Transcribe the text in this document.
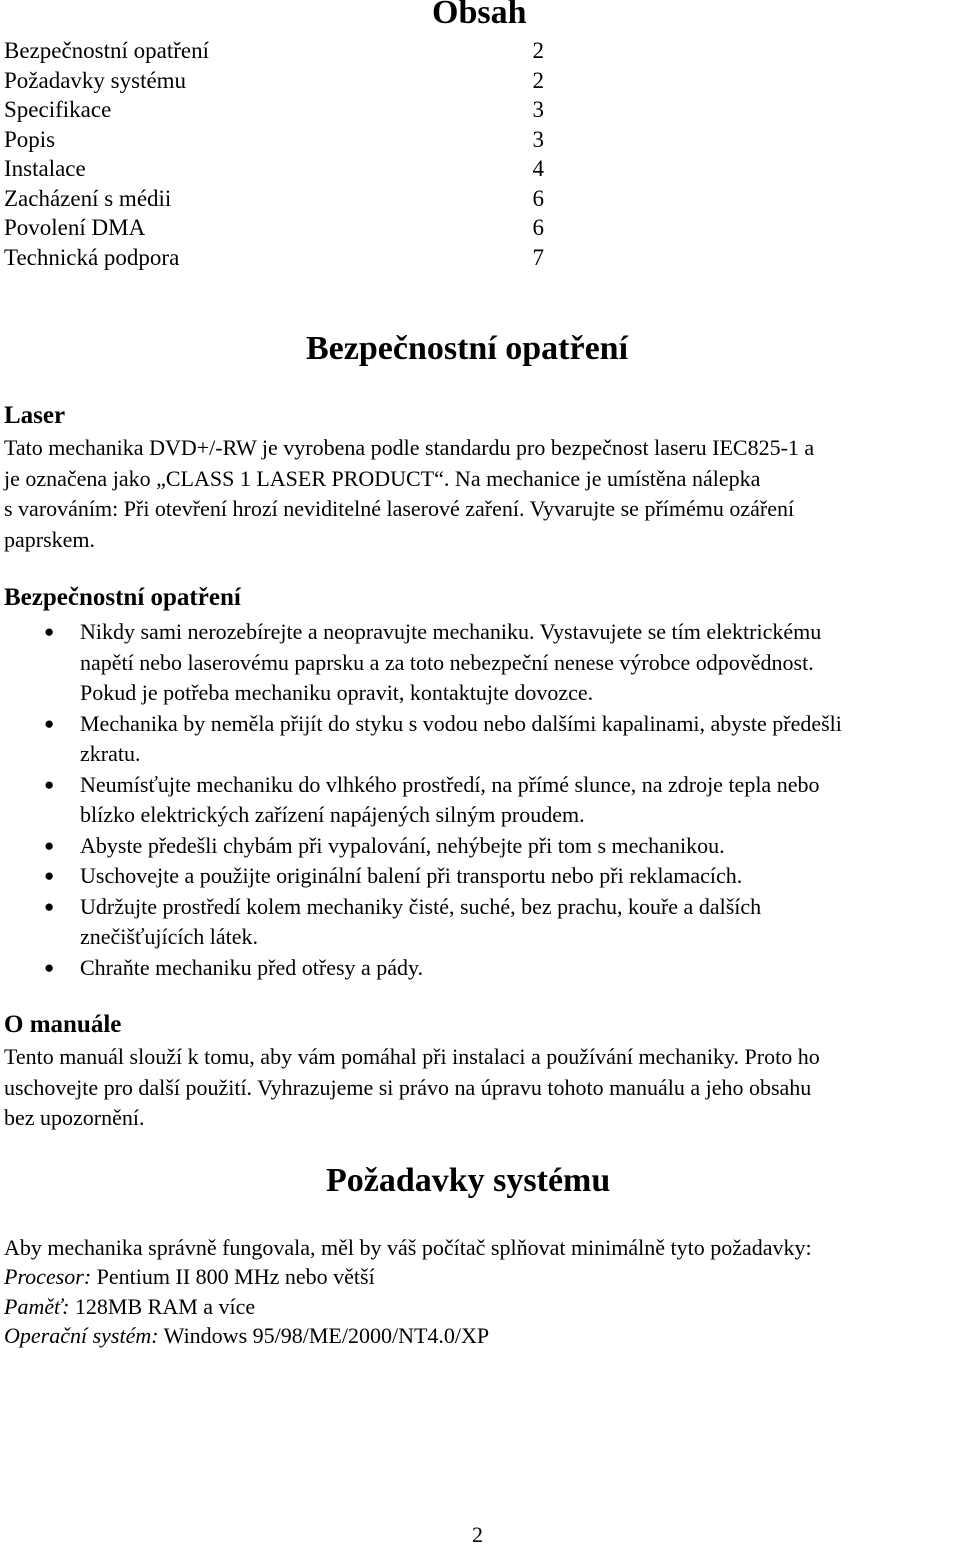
Obsah
Bezpečnostní opatření	2
Požadavky systému	2
Specifikace	3
Popis	3
Instalace	4
Zacházení s médii	6
Povolení DMA	6
Technická podpora	7
Bezpečnostní opatření
Laser
Tato mechanika DVD+/-RW je vyrobena podle standardu pro bezpečnost laseru IEC825-1 a
je označena jako „CLASS 1 LASER PRODUCT“. Na mechanice je umístěna nálepka
s varováním: Při otevření hrozí neviditelné laserové zaření. Vyvarujte se přímému ozáření
paprskem.
Bezpečnostní opatření
● Nikdy sami nerozebírejte a neopravujte mechaniku. Vystavujete se tím elektrickému
napětí nebo laserovému paprsku a za toto nebezpeční nenese výrobce odpovědnost.
Pokud je potřeba mechaniku opravit, kontaktujte dovozce.
● Mechanika by neměla přijít do styku s vodou nebo dalšími kapalinami, abyste předešli
zkratu.
● Neumísťujte mechaniku do vlhkého prostředí, na přímé slunce, na zdroje tepla nebo
blízko elektrických zařízení napájených silným proudem.
● Abyste předešli chybám při vypalování, nehýbejte při tom s mechanikou.
● Uschovejte a použijte originální balení při transportu nebo při reklamacích.
● Udržujte prostředí kolem mechaniky čisté, suché, bez prachu, kouře a dalších
znečišťujících látek.
● Chraňte mechaniku před otřesy a pády.
O manuále
Tento manuál slouží k tomu, aby vám pomáhal při instalaci a používání mechaniky. Proto ho
uschovejte pro další použití. Vyhrazujeme si právo na úpravu tohoto manuálu a jeho obsahu
bez upozornění.
Požadavky systému
Aby mechanika správně fungovala, měl by váš počítač splňovat minimálně tyto požadavky:
Procesor: Pentium II 800 MHz nebo větší
Paměť: 128MB RAM a více
Operační systém: Windows 95/98/ME/2000/NT4.0/XP
2
